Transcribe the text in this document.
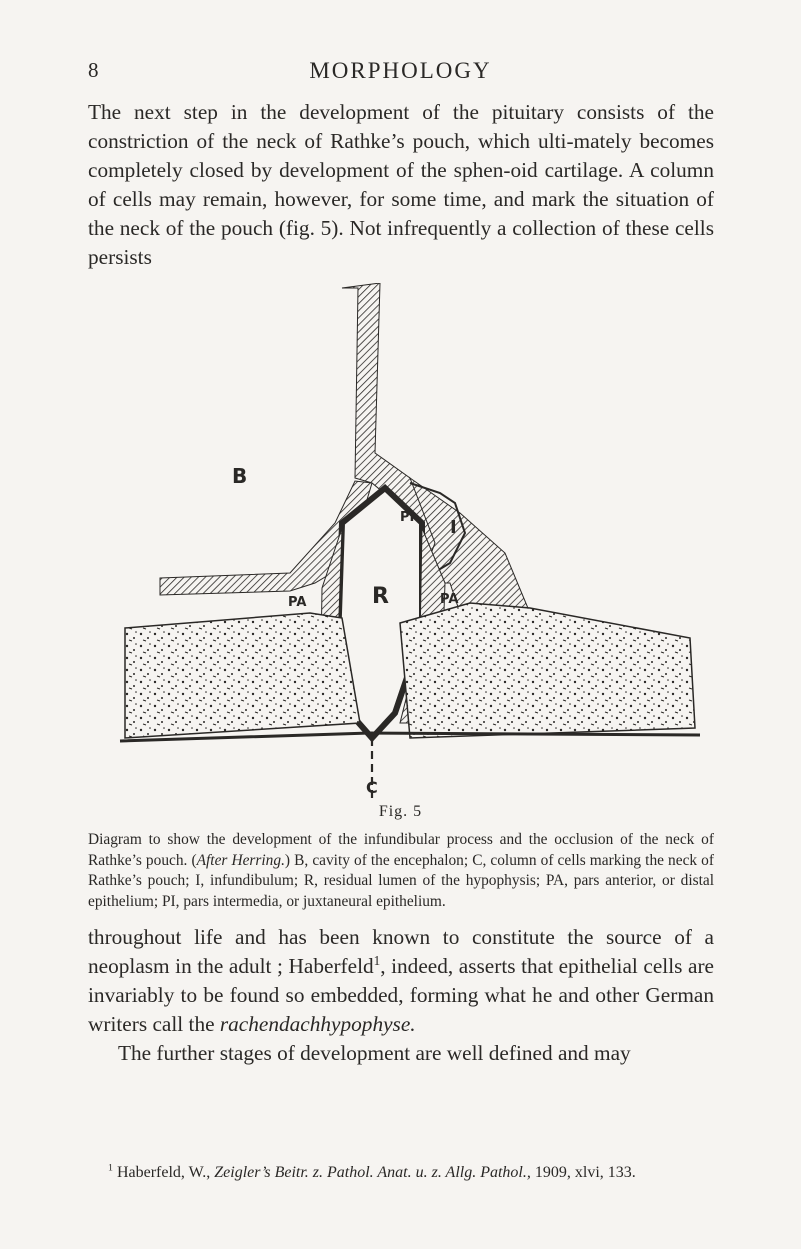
8	MORPHOLOGY

The next step in the development of the pituitary consists of the constriction of the neck of Rathke’s pouch, which ulti-mately becomes completely closed by development of the sphen-oid cartilage. A column of cells may remain, however, for some time, and mark the situation of the neck of the pouch (fig. 5). Not infrequently a collection of these cells persists

B
R
PI I
PA	PA
C
Fig. 5

Diagram to show the development of the infundibular process and the occlusion of the neck of Rathke’s pouch. (After Herring.) B, cavity of the encephalon; C, column of cells marking the neck of Rathke’s pouch; I, infundibulum; R, residual lumen of the hypophysis; PA, pars anterior, or distal epithelium; PI, pars intermedia, or juxtaneural epithelium.

throughout life and has been known to constitute the source of a neoplasm in the adult ; Haberfeld$^1$, indeed, asserts that epithelial cells are invariably to be found so embedded, forming what he and other German writers call the rachendachhypophyse.
The further stages of development are well defined and may

$^1$ Haberfeld, W., Zeigler’s Beitr. z. Pathol. Anat. u. z. Allg. Pathol., 1909, xlvi, 133.
